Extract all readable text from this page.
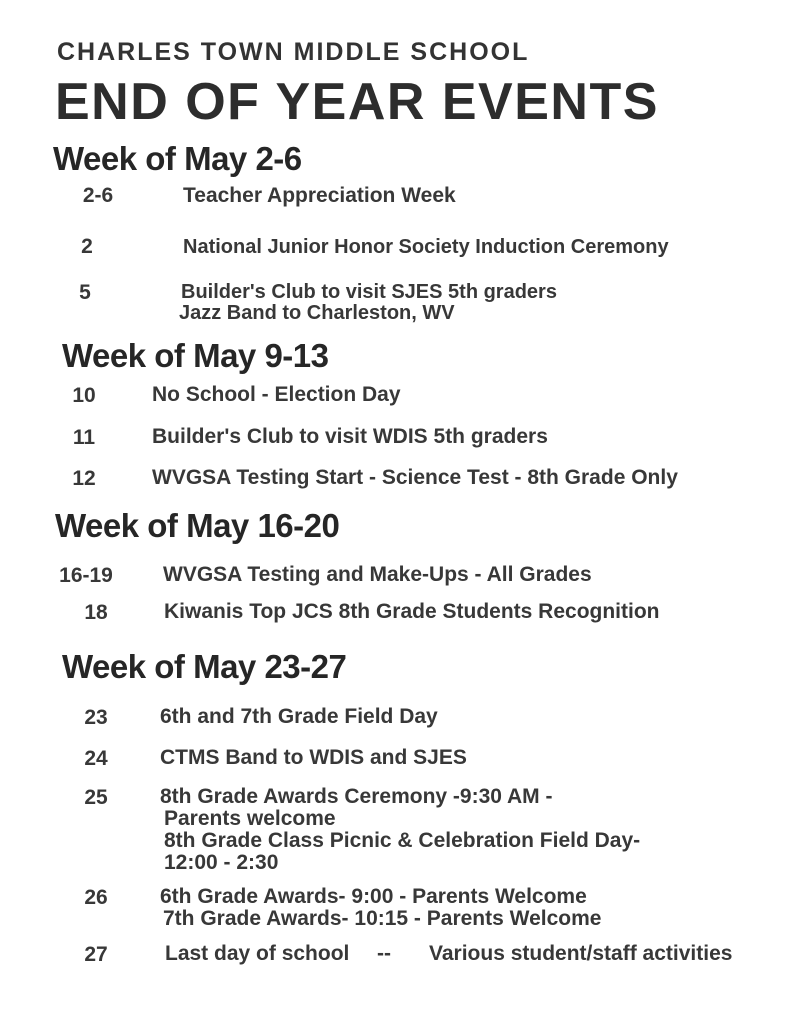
CHARLES TOWN MIDDLE SCHOOL
END OF YEAR EVENTS
Week of May 2-6
2-6	Teacher Appreciation Week
2	National Junior Honor Society Induction Ceremony
5	Builder's Club to visit SJES 5th graders
Jazz Band to Charleston, WV
Week of May 9-13
10	No School - Election Day
11	Builder's Club to visit WDIS 5th graders
12	WVGSA Testing Start - Science Test - 8th Grade Only
Week of May 16-20
16-19 WVGSA Testing and Make-Ups - All Grades
18	Kiwanis Top JCS 8th Grade Students Recognition
Week of May 23-27
23	6th and 7th Grade Field Day
24	CTMS Band to WDIS and SJES
25	8th Grade Awards Ceremony -9:30 AM -
Parents welcome
8th Grade Class Picnic & Celebration Field Day-
12:00 - 2:30
26	6th Grade Awards- 9:00 - Parents Welcome
7th Grade Awards- 10:15 - Parents Welcome
27	Last day of school -- Various student/staff activities
